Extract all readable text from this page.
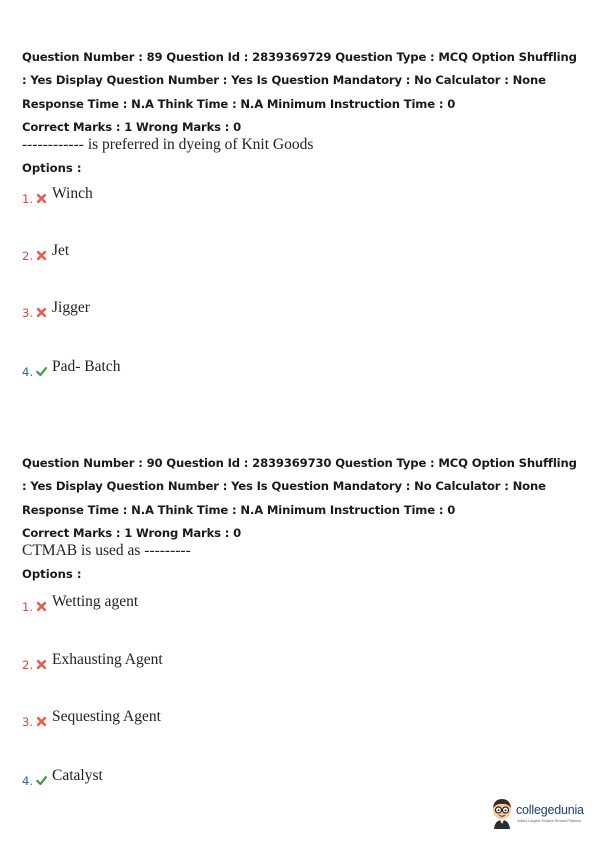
Question Number : 89 Question Id : 2839369729 Question Type : MCQ Option Shuffling : Yes Display Question Number : Yes Is Question Mandatory : No Calculator : None Response Time : N.A Think Time : N.A Minimum Instruction Time : 0
Correct Marks : 1 Wrong Marks : 0
------------ is preferred in dyeing of Knit Goods
Options :
1. Winch
2. Jet
3. Jigger
4. Pad- Batch
Question Number : 90 Question Id : 2839369730 Question Type : MCQ Option Shuffling : Yes Display Question Number : Yes Is Question Mandatory : No Calculator : None Response Time : N.A Think Time : N.A Minimum Instruction Time : 0
Correct Marks : 1 Wrong Marks : 0
CTMAB is used as ---------
Options :
1. Wetting agent
2. Exhausting Agent
3. Sequesting Agent
4. Catalyst
collegedunia
India's Largest Student Review Platform
